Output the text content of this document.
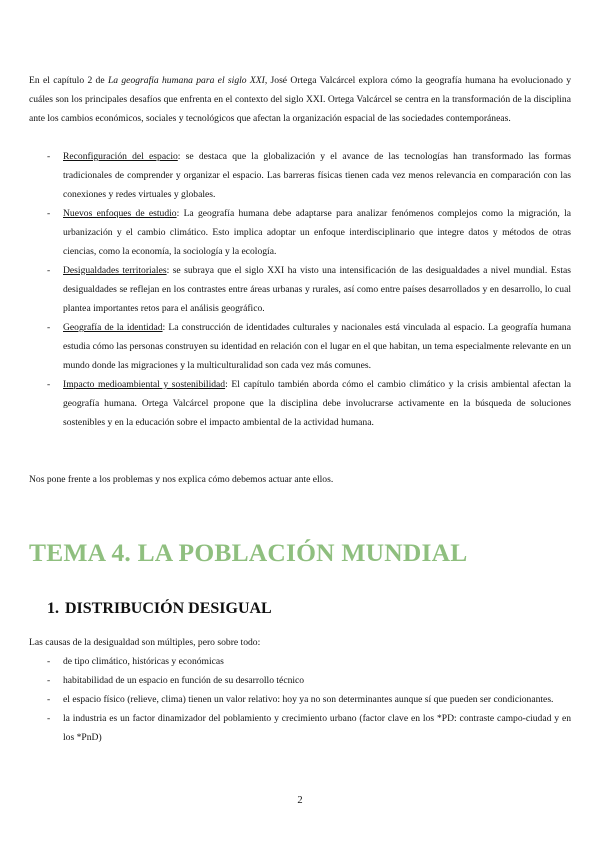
En el capítulo 2 de La geografía humana para el siglo XXI, José Ortega Valcárcel explora cómo la geografía humana ha evolucionado y cuáles son los principales desafíos que enfrenta en el contexto del siglo XXI. Ortega Valcárcel se centra en la transformación de la disciplina ante los cambios económicos, sociales y tecnológicos que afectan la organización espacial de las sociedades contemporáneas.

- Reconfiguración del espacio: se destaca que la globalización y el avance de las tecnologías han transformado las formas tradicionales de comprender y organizar el espacio. Las barreras físicas tienen cada vez menos relevancia en comparación con las conexiones y redes virtuales y globales.
- Nuevos enfoques de estudio: La geografía humana debe adaptarse para analizar fenómenos complejos como la migración, la urbanización y el cambio climático. Esto implica adoptar un enfoque interdisciplinario que integre datos y métodos de otras ciencias, como la economía, la sociología y la ecología.
- Desigualdades territoriales: se subraya que el siglo XXI ha visto una intensificación de las desigualdades a nivel mundial. Estas desigualdades se reflejan en los contrastes entre áreas urbanas y rurales, así como entre países desarrollados y en desarrollo, lo cual plantea importantes retos para el análisis geográfico.
- Geografía de la identidad: La construcción de identidades culturales y nacionales está vinculada al espacio. La geografía humana estudia cómo las personas construyen su identidad en relación con el lugar en el que habitan, un tema especialmente relevante en un mundo donde las migraciones y la multiculturalidad son cada vez más comunes.
- Impacto medioambiental y sostenibilidad: El capítulo también aborda cómo el cambio climático y la crisis ambiental afectan la geografía humana. Ortega Valcárcel propone que la disciplina debe involucrarse activamente en la búsqueda de soluciones sostenibles y en la educación sobre el impacto ambiental de la actividad humana.

Nos pone frente a los problemas y nos explica cómo debemos actuar ante ellos.

TEMA 4. LA POBLACIÓN MUNDIAL
1. DISTRIBUCIÓN DESIGUAL

Las causas de la desigualdad son múltiples, pero sobre todo:

- de tipo climático, históricas y económicas
- habitabilidad de un espacio en función de su desarrollo técnico
- el espacio físico (relieve, clima) tienen un valor relativo: hoy ya no son determinantes aunque sí que pueden ser condicionantes.
- la industria es un factor dinamizador del poblamiento y crecimiento urbano (factor clave en los *PD: contraste campo-ciudad y en los *PnD)
2
